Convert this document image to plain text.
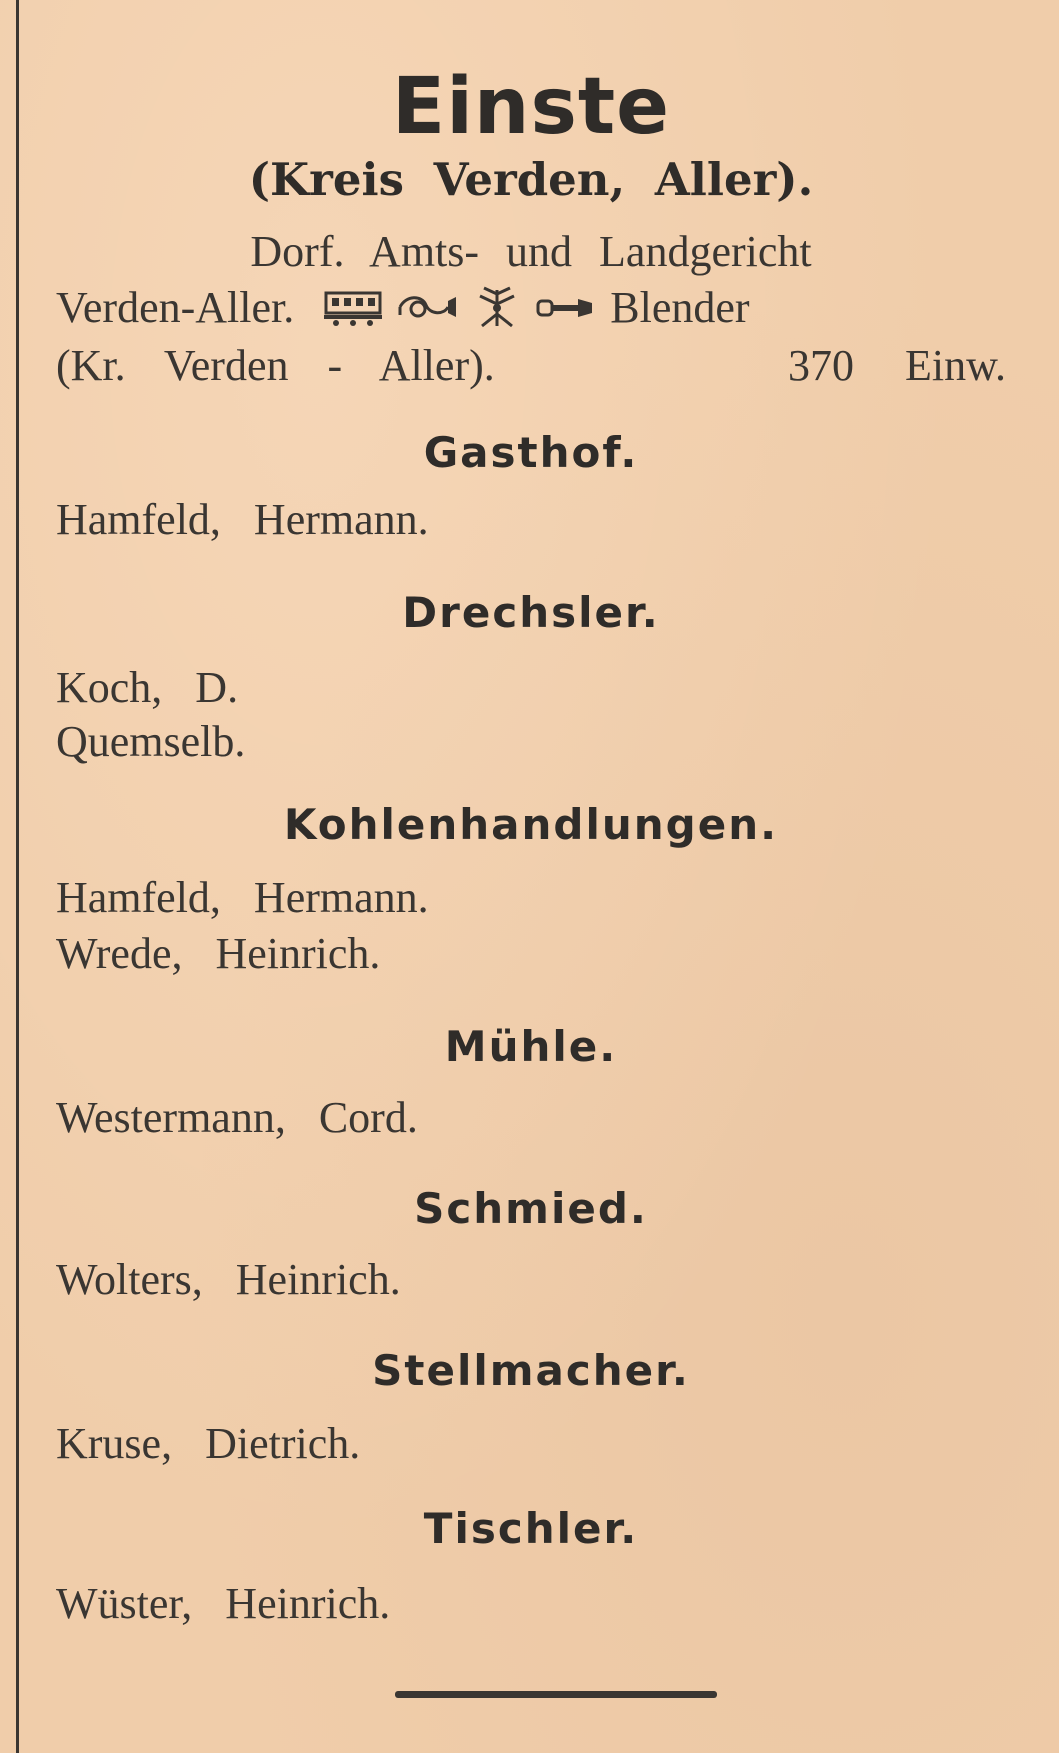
Einste
(Kreis Verden, Aller).
Dorf. Amts- und Landgericht
Verden-Aller.	Blender
(Kr. Verden - Aller).	370 Einw.
Gasthof.
Hamfeld, Hermann.
Drechsler.
Koch, D.
Quemselb.
Kohlenhandlungen.
Hamfeld, Hermann.
Wrede, Heinrich.
Mühle.
Westermann, Cord.
Schmied.
Wolters, Heinrich.
Stellmacher.
Kruse, Dietrich.
Tischler.
Wüster, Heinrich.
